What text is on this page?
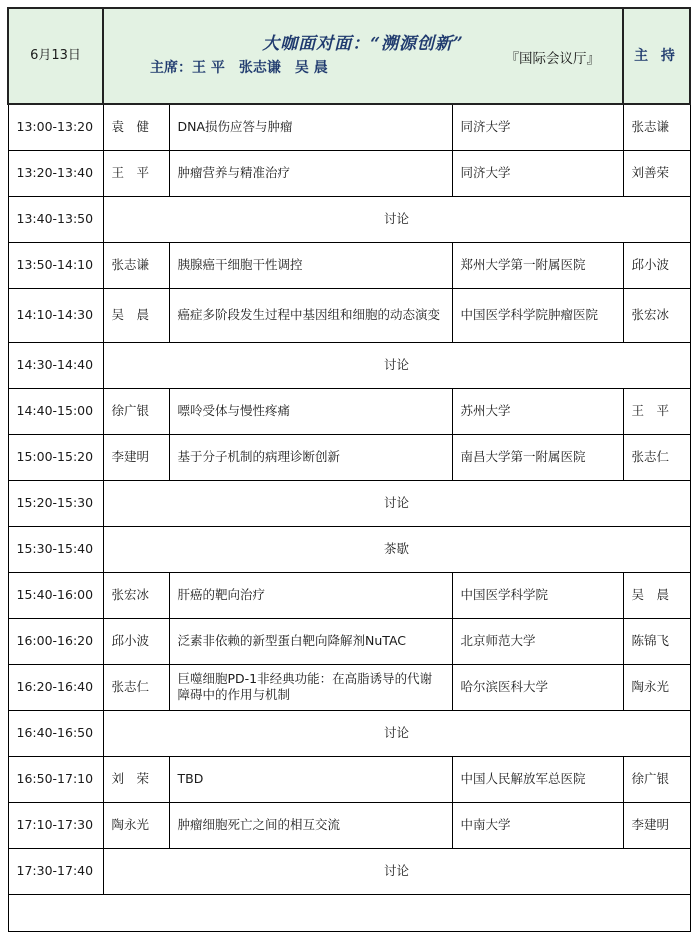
6月13日	大咖面对面：“溯源创新”
主席：王 平　张志谦　吴 晨
『国际会议厅』			主 持
13:00-13:20	袁　健	DNA损伤应答与肿瘤	同济大学	张志谦
13:20-13:40	王　平	肿瘤营养与精准治疗	同济大学	刘善荣
13:40-13:50	讨论			
13:50-14:10	张志谦	胰腺癌干细胞干性调控	郑州大学第一附属医院	邱小波
14:10-14:30	吴　晨	癌症多阶段发生过程中基因组和细胞的动态演变	中国医学科学院肿瘤医院	张宏冰
14:30-14:40	讨论			
14:40-15:00	徐广银	嘌呤受体与慢性疼痛	苏州大学	王　平
15:00-15:20	李建明	基于分子机制的病理诊断创新	南昌大学第一附属医院	张志仁
15:20-15:30	讨论			
15:30-15:40	茶歇			
15:40-16:00	张宏冰	肝癌的靶向治疗	中国医学科学院	吴　晨
16:00-16:20	邱小波	泛素非依赖的新型蛋白靶向降解剂NuTAC	北京师范大学	陈锦飞
16:20-16:40	张志仁	巨噬细胞PD-1非经典功能：在高脂诱导的代谢障碍中的作用与机制	哈尔滨医科大学	陶永光
16:40-16:50	讨论			
16:50-17:10	刘　荣	TBD	中国人民解放军总医院	徐广银
17:10-17:30	陶永光	肿瘤细胞死亡之间的相互交流	中南大学	李建明
17:30-17:40	讨论			
